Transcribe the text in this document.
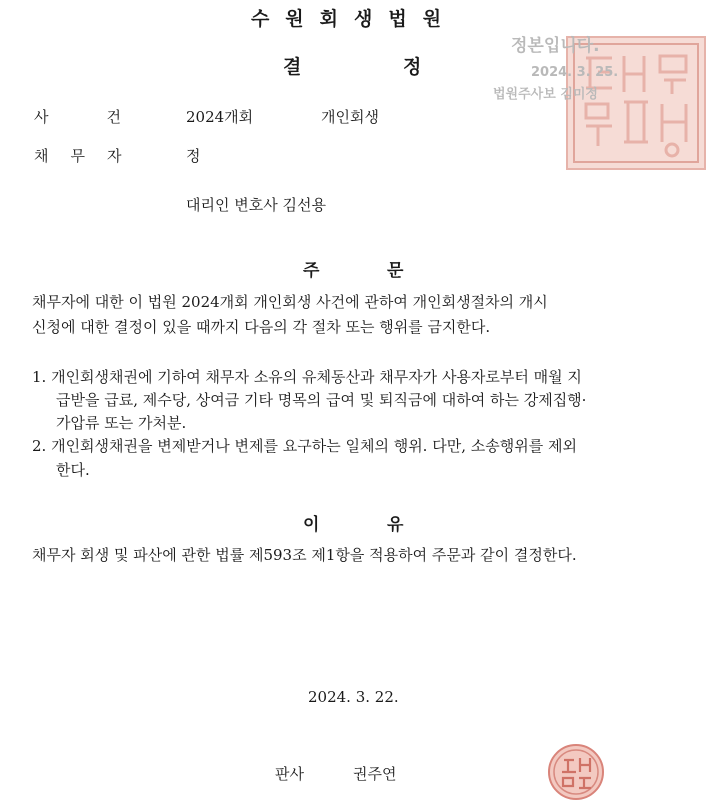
수원회생법원
결	정
정본입니다.
2024. 3. 25.
법원주사보 김미정
사	건	2024개회	개인회생
채 무 자	정
대리인 변호사 김선용
주	문
채무자에 대한 이 법원 2024개회 개인회생 사건에 관하여 개인회생절차의 개시
신청에 대한 결정이 있을 때까지 다음의 각 절차 또는 행위를 금지한다.
1. 개인회생채권에 기하여 채무자 소유의 유체동산과 채무자가 사용자로부터 매월 지
급받을 급료, 제수당, 상여금 기타 명목의 급여 및 퇴직금에 대하여 하는 강제집행·
가압류 또는 가처분.
2. 개인회생채권을 변제받거나 변제를 요구하는 일체의 행위. 다만, 소송행위를 제외
한다.
이	유
채무자 회생 및 파산에 관한 법률 제593조 제1항을 적용하여 주문과 같이 결정한다.
2024. 3. 22.
판사	권주연
